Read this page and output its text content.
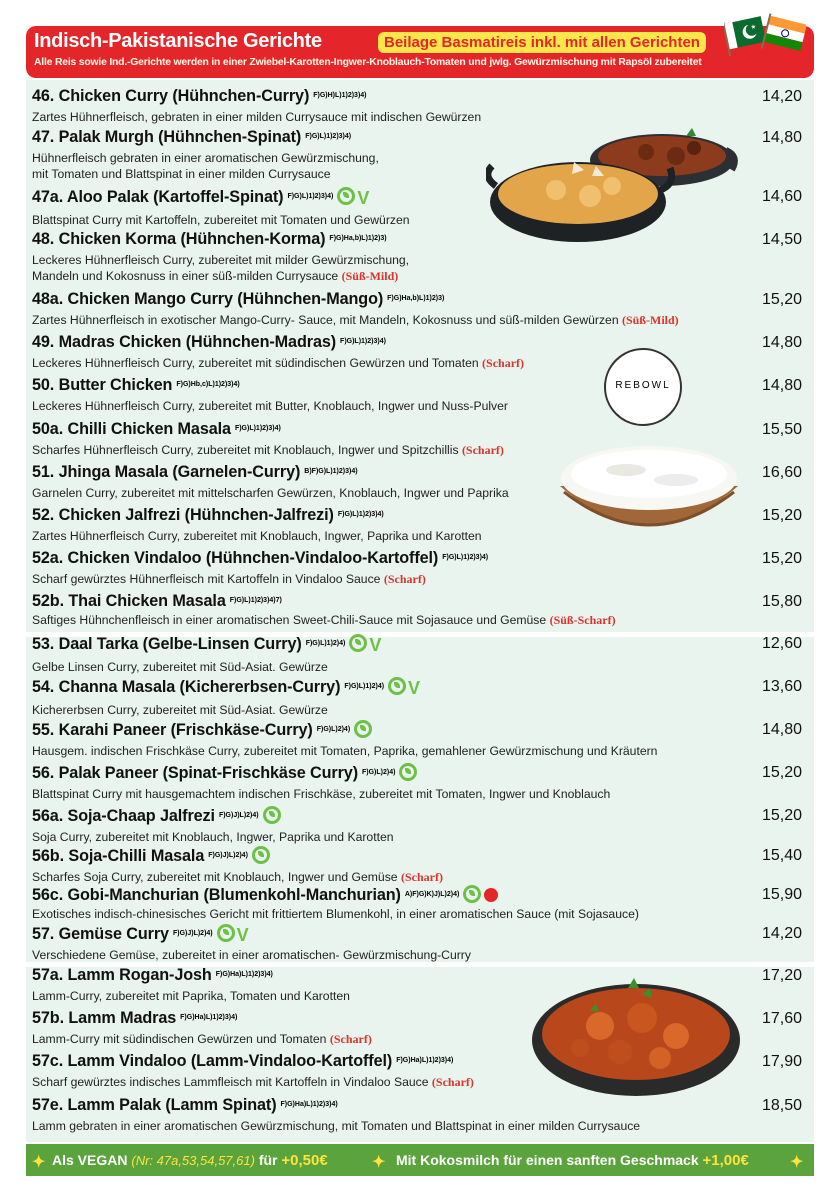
Indisch-Pakistanische Gerichte	Beilage Basmatireis inkl. mit allen Gerichten
Alle Reis sowie Ind.-Gerichte werden in einer Zwiebel-Karotten-Ingwer-Knoblauch-Tomaten und jwlg. Gewürzmischung mit Rapsöl zubereitet
REBOWL
46. Chicken Curry (Hühnchen-Curry) $^{F)G)H)L)1)2)3)4)}$	14,20
Zartes Hühnerfleisch, gebraten in einer milden Currysauce mit indischen Gewürzen
47. Palak Murgh (Hühnchen-Spinat) $^{F)G)L)1)2)3)4)}$	14,80
Hühnerfleisch gebraten in einer aromatischen Gewürzmischung,
mit Tomaten und Blattspinat in einer milden Currysauce
47a. Aloo Palak (Kartoffel-Spinat) $^{F)G)L)1)2)3)4)}$ V	14,60
Blattspinat Curry mit Kartoffeln, zubereitet mit Tomaten und Gewürzen
48. Chicken Korma (Hühnchen-Korma) $^{F)G)Ha,b)L)1)2)3)}$	14,50
Leckeres Hühnerfleisch Curry, zubereitet mit milder Gewürzmischung,
Mandeln und Kokosnuss in einer süß-milden Currysauce (Süß-Mild)
48a. Chicken Mango Curry (Hühnchen-Mango) $^{F)G)Ha,b)L)1)2)3)}$	15,20
Zartes Hühnerfleisch in exotischer Mango-Curry- Sauce, mit Mandeln, Kokosnuss und süß-milden Gewürzen (Süß-Mild)
49. Madras Chicken (Hühnchen-Madras) $^{F)G)L)1)2)3)4)}$	14,80
Leckeres Hühnerfleisch Curry, zubereitet mit südindischen Gewürzen und Tomaten (Scharf)
50. Butter Chicken $^{F)G)Hb,c)L)1)2)3)4)}$	14,80
Leckeres Hühnerfleisch Curry, zubereitet mit Butter, Knoblauch, Ingwer und Nuss-Pulver
50a. Chilli Chicken Masala $^{F)G)L)1)2)3)4)}$	15,50
Scharfes Hühnerfleisch Curry, zubereitet mit Knoblauch, Ingwer und Spitzchillis (Scharf)
51. Jhinga Masala (Garnelen-Curry) $^{B)F)G)L)1)2)3)4)}$	16,60
Garnelen Curry, zubereitet mit mittelscharfen Gewürzen, Knoblauch, Ingwer und Paprika
52. Chicken Jalfrezi (Hühnchen-Jalfrezi) $^{F)G)L)1)2)3)4)}$	15,20
Zartes Hühnerfleisch Curry, zubereitet mit Knoblauch, Ingwer, Paprika und Karotten
52a. Chicken Vindaloo (Hühnchen-Vindaloo-Kartoffel) $^{F)G)L)1)2)3)4)}$	15,20
Scharf gewürztes Hühnerfleisch mit Kartoffeln in Vindaloo Sauce (Scharf)
52b. Thai Chicken Masala $^{F)G)L)1)2)3)4)7)}$	15,80
Saftiges Hühnchenfleisch in einer aromatischen Sweet-Chili-Sauce mit Sojasauce und Gemüse (Süß-Scharf)
53. Daal Tarka (Gelbe-Linsen Curry) $^{F)G)L)1)2)4)}$ V	12,60
Gelbe Linsen Curry, zubereitet mit Süd-Asiat. Gewürze
54. Channa Masala (Kichererbsen-Curry) $^{F)G)L)1)2)4)}$ V	13,60
Kichererbsen Curry, zubereitet mit Süd-Asiat. Gewürze
55. Karahi Paneer (Frischkäse-Curry) $^{F)G)L)2)4)}$	14,80
Hausgem. indischen Frischkäse Curry, zubereitet mit Tomaten, Paprika, gemahlener Gewürzmischung und Kräutern
56. Palak Paneer (Spinat-Frischkäse Curry) $^{F)G)L)2)4)}$	15,20
Blattspinat Curry mit hausgemachtem indischen Frischkäse, zubereitet mit Tomaten, Ingwer und Knoblauch
56a. Soja-Chaap Jalfrezi $^{F)G)J)L)2)4)}$	15,20
Soja Curry, zubereitet mit Knoblauch, Ingwer, Paprika und Karotten
56b. Soja-Chilli Masala $^{F)G)J)L)2)4)}$	15,40
Scharfes Soja Curry, zubereitet mit Knoblauch, Ingwer und Gemüse (Scharf)
56c. Gobi-Manchurian (Blumenkohl-Manchurian) $^{A)F)G)K)J)L)2)4)}$	15,90
Exotisches indisch-chinesisches Gericht mit frittiertem Blumenkohl, in einer aromatischen Sauce (mit Sojasauce)
57. Gemüse Curry $^{F)G)J)L)2)4)}$ V	14,20
Verschiedene Gemüse, zubereitet in einer aromatischen- Gewürzmischung-Curry
57a. Lamm Rogan-Josh $^{F)G)Ha)L)1)2)3)4)}$	17,20
Lamm-Curry, zubereitet mit Paprika, Tomaten und Karotten
57b. Lamm Madras $^{F)G)Ha)L)1)2)3)4)}$	17,60
Lamm-Curry mit südindischen Gewürzen und Tomaten (Scharf)
57c. Lamm Vindaloo (Lamm-Vindaloo-Kartoffel) $^{F)G)Ha)L)1)2)3)4)}$	17,90
Scharf gewürztes indisches Lammfleisch mit Kartoffeln in Vindaloo Sauce (Scharf)
57e. Lamm Palak (Lamm Spinat) $^{F)G)Ha)L)1)2)3)4)}$	18,50
Lamm gebraten in einer aromatischen Gewürzmischung, mit Tomaten und Blattspinat in einer milden Currysauce
✦ Als VEGAN (Nr: 47a,53,54,57,61) für +0,50€	✦ Mit Kokosmilch für einen sanften Geschmack +1,00€	✦
